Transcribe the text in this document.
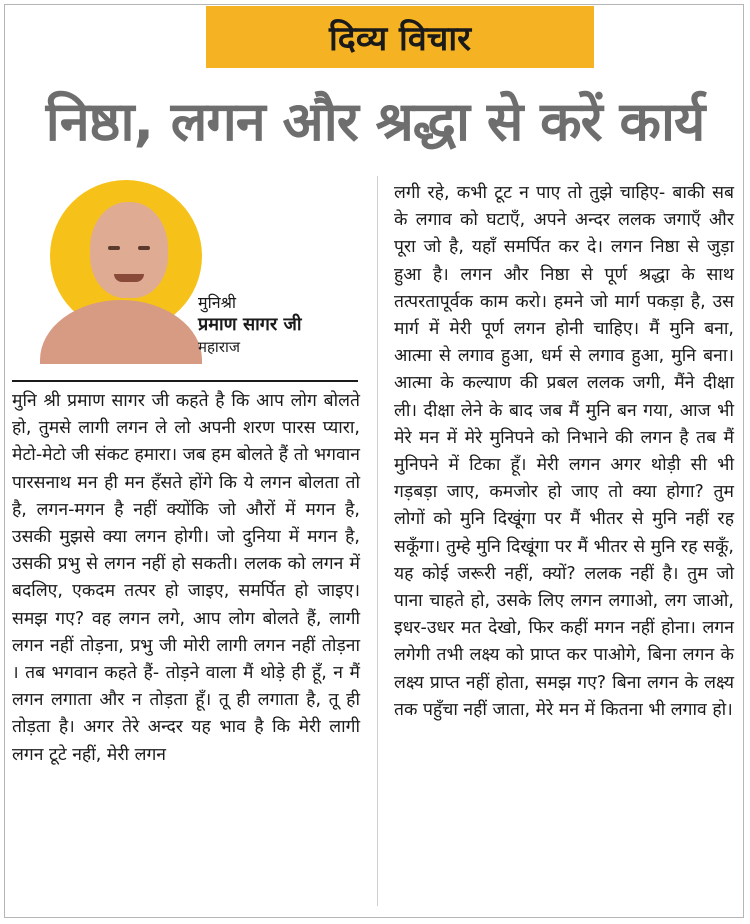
दिव्य विचार
निष्ठा, लगन और श्रद्धा से करें कार्य
मुनिश्री
प्रमाण सागर जी
महाराज
मुनि श्री प्रमाण सागर जी कहते है कि आप लोग बोलते हो, तुमसे लागी लगन ले लो अपनी शरण पारस प्यारा, मेटो-मेटो जी संकट हमारा। जब हम बोलते हैं तो भगवान पारसनाथ मन ही मन हँसते होंगे कि ये लगन बोलता तो है, लगन-मगन है नहीं क्योंकि जो औरों में मगन है, उसकी मुझसे क्या लगन होगी। जो दुनिया में मगन है, उसकी प्रभु से लगन नहीं हो सकती। ललक को लगन में बदलिए, एकदम तत्पर हो जाइए, समर्पित हो जाइए। समझ गए? वह लगन लगे, आप लोग बोलते हैं, लागी लगन नहीं तोड़ना, प्रभु जी मोरी लागी लगन नहीं तोड़ना । तब भगवान कहते हैं- तोड़ने वाला मैं थोड़े ही हूँ, न मैं लगन लगाता और न तोड़ता हूँ। तू ही लगाता है, तू ही तोड़ता है। अगर तेरे अन्दर यह भाव है कि मेरी लागी लगन टूटे नहीं, मेरी लगन
लगी रहे, कभी टूट न पाए तो तुझे चाहिए- बाकी सब के लगाव को घटाएँ, अपने अन्दर ललक जगाएँ और पूरा जो है, यहाँ समर्पित कर दे। लगन निष्ठा से जुड़ा हुआ है। लगन और निष्ठा से पूर्ण श्रद्धा के साथ तत्परतापूर्वक काम करो। हमने जो मार्ग पकड़ा है, उस मार्ग में मेरी पूर्ण लगन होनी चाहिए। मैं मुनि बना, आत्मा से लगाव हुआ, धर्म से लगाव हुआ, मुनि बना। आत्मा के कल्याण की प्रबल ललक जगी, मैंने दीक्षा ली। दीक्षा लेने के बाद जब मैं मुनि बन गया, आज भी मेरे मन में मेरे मुनिपने को निभाने की लगन है तब मैं मुनिपने में टिका हूँ। मेरी लगन अगर थोड़ी सी भी गड़बड़ा जाए, कमजोर हो जाए तो क्या होगा? तुम लोगों को मुनि दिखूंगा पर मैं भीतर से मुनि नहीं रह सकूँगा। तुम्हे मुनि दिखूंगा पर मैं भीतर से मुनि रह सकूँ, यह कोई जरूरी नहीं, क्यों? ललक नहीं है। तुम जो पाना चाहते हो, उसके लिए लगन लगाओ, लग जाओ, इधर-उधर मत देखो, फिर कहीं मगन नहीं होना। लगन लगेगी तभी लक्ष्य को प्राप्त कर पाओगे, बिना लगन के लक्ष्य प्राप्त नहीं होता, समझ गए? बिना लगन के लक्ष्य तक पहुँचा नहीं जाता, मेरे मन में कितना भी लगाव हो।
